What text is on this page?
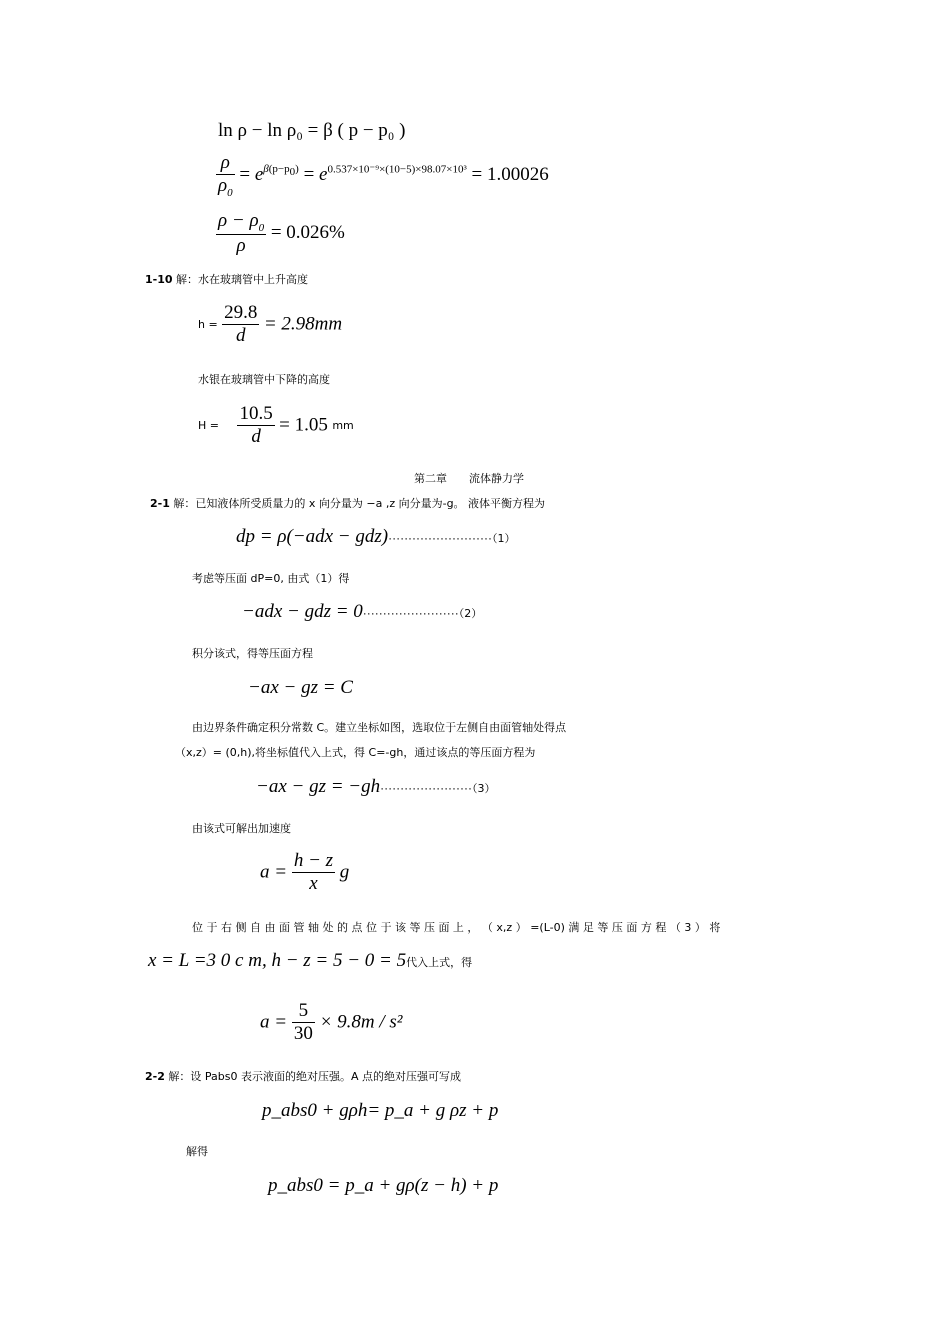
ln ρ − ln ρ₀ = β ( p − p₀ )
$\frac{\rho}{\rho_0} = e^{\beta(p-p_0)} = e^{0.537\times 10^{-9}\times(10-5)\times 98.07\times 10^3} = 1.00026$
$\frac{\rho - \rho_0}{\rho} = 0.026\%$
1-10 解：水在玻璃管中上升高度
$h = \frac{29.8}{d} = 2.98mm$
水银在玻璃管中下降的高度
$H = \frac{10.5}{d} = 1.05$ mm
第二章　　流体静力学
2-1 解：已知液体所受质量力的 x 向分量为 −a ,z 向分量为-g。 液体平衡方程为
dp = ρ(−adx − gdz)··························（1）
考虑等压面 dP=0, 由式（1）得
−adx − gdz = 0························（2）
积分该式，得等压面方程
−ax − gz = C
由边界条件确定积分常数 C。建立坐标如图，选取位于左侧自由面管轴处得点
（x,z）= (0,h),将坐标值代入上式，得 C=-gh，通过该点的等压面方程为
−ax − gz = −gh·······················（3）
由该式可解出加速度
$a = \frac{h - z}{x}$ g
位 于 右 侧 自 由 面 管 轴 处 的 点 位 于 该 等 压 面 上 ， （ x,z ） =(L-0) 满 足 等 压 面 方 程 （ 3 ） 将
x = L =3 0 c m, h − z = 5 − 0 = 5代入上式，得
$a = \frac{5}{30} \times 9.8m / s^2$
2-2 解：设 Pabs0 表示液面的绝对压强。A 点的绝对压强可写成
p_abs0 + gρh= p_a + g ρz + p
解得
p_abs0 = p_a + gρ(z − h) + p
